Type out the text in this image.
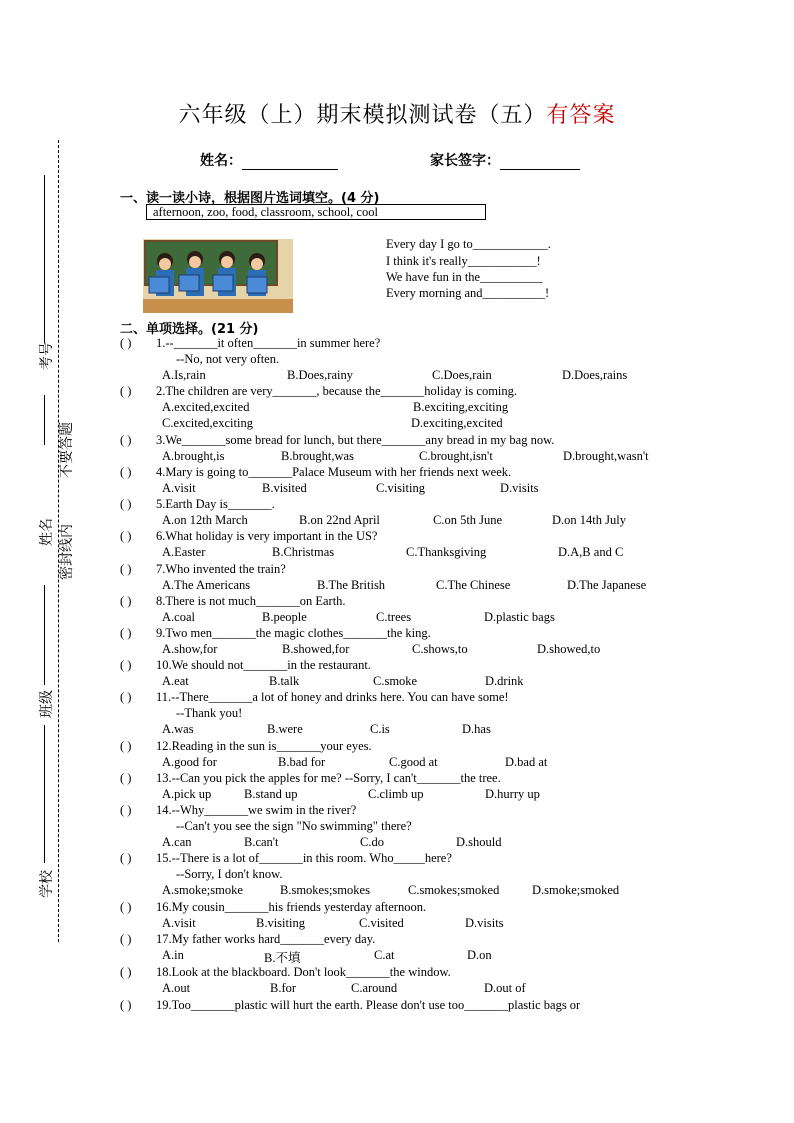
六年级（上）期末模拟测试卷（五）有答案
姓名：	家长签字：
考号
不要答题
姓名 密封线内
班级
学校
一、读一读小诗，根据图片选词填空。(4 分)
afternoon, zoo, food, classroom, school, cool
Every day I go to____________.
I think it's really___________!
We have fun in the__________
Every morning and__________!
二、单项选择。(21 分)
( ) 1.--_______it often_______in summer here?
--No, not very often.
A.Is,rain	B.Does,rainy	C.Does,rain	D.Does,rains
( ) 2.The children are very_______, because the_______holiday is coming.
A.excited,excited	B.exciting,exciting
C.excited,exciting	D.exciting,excited
( ) 3.We_______some bread for lunch, but there_______any bread in my bag now.
A.brought,is	B.brought,was	C.brought,isn't	D.brought,wasn't
( ) 4.Mary is going to_______Palace Museum with her friends next week.
A.visit	B.visited	C.visiting	D.visits
( ) 5.Earth Day is_______.
A.on 12th March	B.on 22nd April	C.on 5th June	D.on 14th July
( ) 6.What holiday is very important in the US?
A.Easter	B.Christmas	C.Thanksgiving	D.A,B and C
( ) 7.Who invented the train?
A.The Americans	B.The British	C.The Chinese	D.The Japanese
( ) 8.There is not much_______on Earth.
A.coal	B.people	C.trees	D.plastic bags
( ) 9.Two men_______the magic clothes_______the king.
A.show,for	B.showed,for	C.shows,to	D.showed,to
( ) 10.We should not_______in the restaurant.
A.eat	B.talk	C.smoke	D.drink
( ) 11.--There_______a lot of honey and drinks here. You can have some!
--Thank you!
A.was	B.were	C.is	D.has
( ) 12.Reading in the sun is_______your eyes.
A.good for	B.bad for	C.good at	D.bad at
( ) 13.--Can you pick the apples for me? --Sorry, I can't_______the tree.
A.pick up	B.stand up	C.climb up	D.hurry up
( ) 14.--Why_______we swim in the river?
--Can't you see the sign "No swimming" there?
A.can	B.can't	C.do	D.should
( ) 15.--There is a lot of_______in this room. Who_____here?
--Sorry, I don't know.
A.smoke;smoke	B.smokes;smokes	C.smokes;smoked	D.smoke;smoked
( ) 16.My cousin_______his friends yesterday afternoon.
A.visit	B.visiting	C.visited	D.visits
( ) 17.My father works hard_______every day.
A.in	B.不填	C.at	D.on
( ) 18.Look at the blackboard. Don't look_______the window.
A.out	B.for	C.around	D.out of
( ) 19.Too_______plastic will hurt the earth. Please don't use too_______plastic bags or
